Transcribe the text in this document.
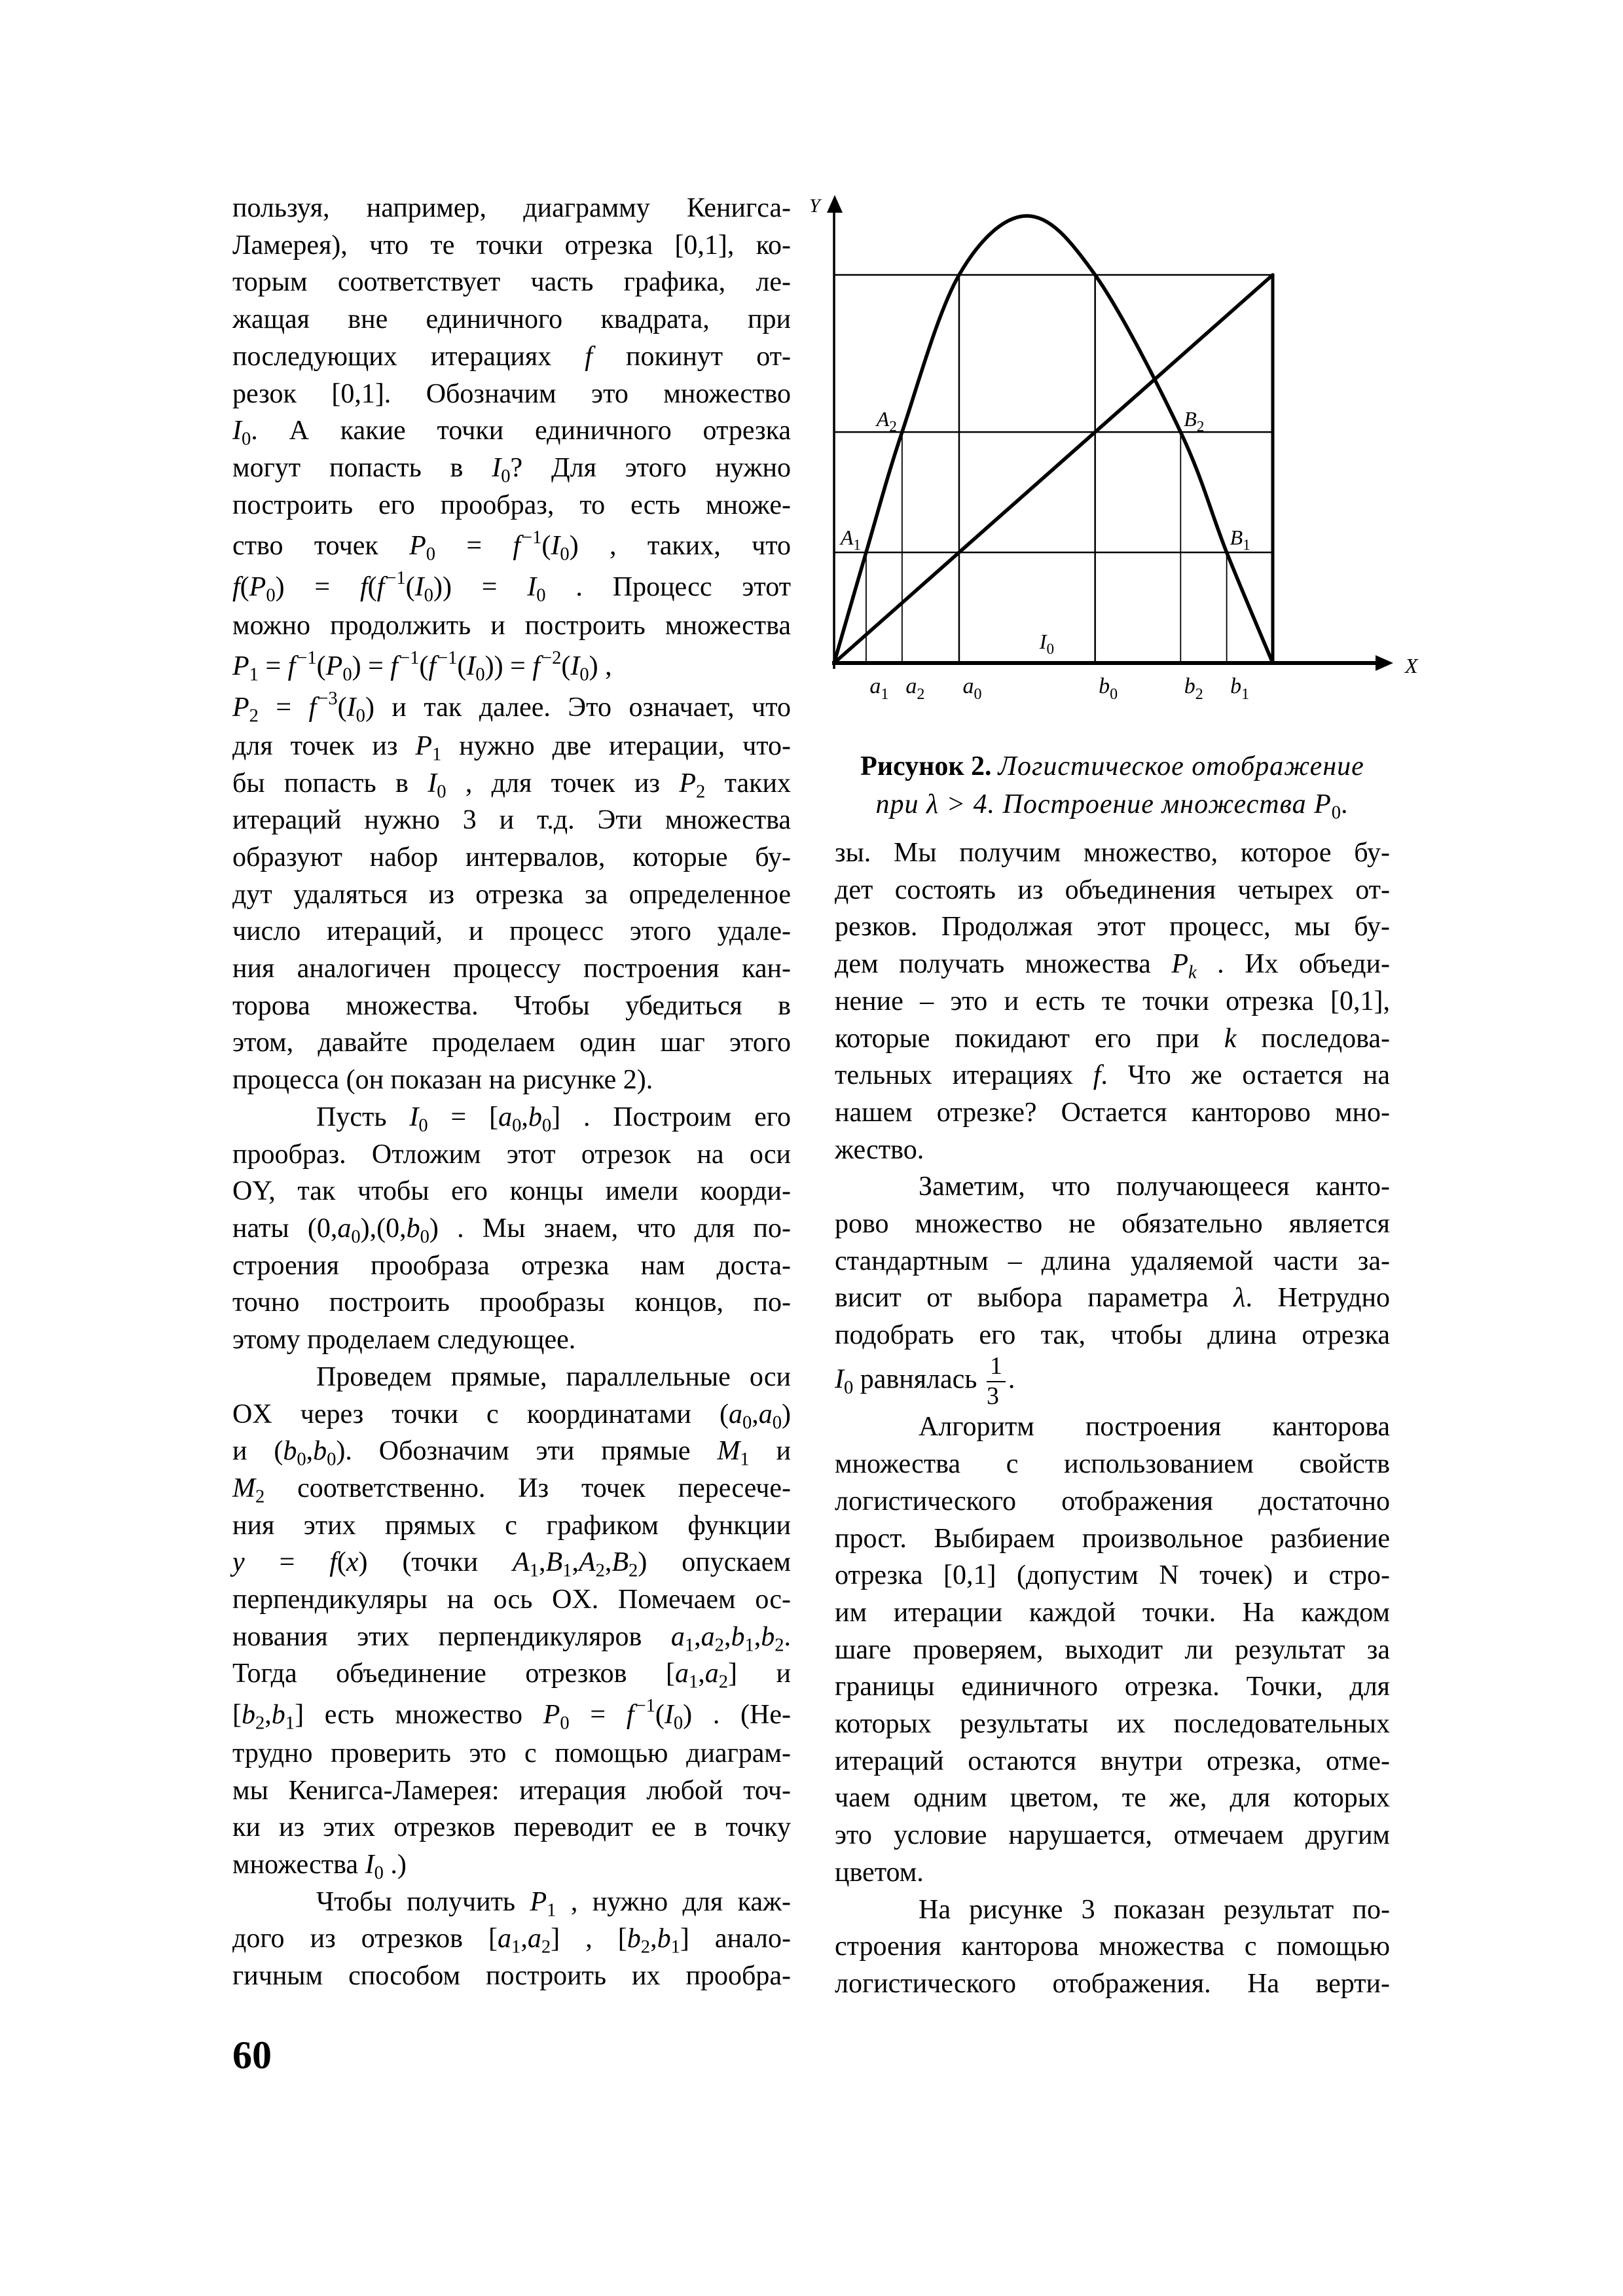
пользуя, например, диаграмму Кенигса-
Ламерея), что те точки отрезка [0,1], ко-
торым соответствует часть графика, ле-
жащая вне единичного квадрата, при
последующих итерациях f покинут от-
резок [0,1]. Обозначим это множество
$I_0$. А какие точки единичного отрезка
могут попасть в $I_0$? Для этого нужно
построить его прообраз, то есть множе-
ство точек $P_0 = f^{-1}(I_0)$ , таких, что
$f(P_0) = f(f^{-1}(I_0)) = I_0$ . Процесс этот
можно продолжить и построить множества
$P_1 = f^{-1}(P_0) = f^{-1}(f^{-1}(I_0)) = f^{-2}(I_0)$ ,
$P_2 = f^{-3}(I_0)$ и так далее. Это означает, что
для точек из $P_1$ нужно две итерации, что-
бы попасть в $I_0$ , для точек из $P_2$ таких
итераций нужно 3 и т.д. Эти множества
образуют набор интервалов, которые бу-
дут удаляться из отрезка за определенное
число итераций, и процесс этого удале-
ния аналогичен процессу построения кан-
торова множества. Чтобы убедиться в
этом, давайте проделаем один шаг этого
процесса (он показан на рисунке 2).
Пусть $I_0 = [a_0,b_0]$ . Построим его
прообраз. Отложим этот отрезок на оси
OY, так чтобы его концы имели коорди-
наты $(0,a_0),(0,b_0)$ . Мы знаем, что для по-
строения прообраза отрезка нам доста-
точно построить прообразы концов, по-
этому проделаем следующее.
Проведем прямые, параллельные оси
OX через точки с координатами $(a_0,a_0)$
и $(b_0,b_0)$. Обозначим эти прямые $M_1$ и
$M_2$ соответственно. Из точек пересече-
ния этих прямых с графиком функции
y = f(x) (точки $A_1,B_1,A_2,B_2$) опускаем
перпендикуляры на ось OX. Помечаем ос-
нования этих перпендикуляров $a_1,a_2,b_1,b_2$.
Тогда объединение отрезков $[a_1,a_2]$ и
$[b_2,b_1]$ есть множество $P_0 = f^{-1}(I_0)$ . (Не-
трудно проверить это с помощью диаграм-
мы Кенигса-Ламерея: итерация любой точ-
ки из этих отрезков переводит ее в точку
множества $I_0$ .)
Чтобы получить $P_1$ , нужно для каж-
дого из отрезков $[a_1,a_2]$ , $[b_2,b_1]$ анало-
гичным способом построить их прообра-
Y
X
$a_1$ $a_2$ $a_0$	$b_0$	$b_2$ $b_1$
$A_1$
$A_2$	$B_2$
$B_1$
$I_0$
Рисунок 2. Логистическое отображение
при λ > 4. Построение множества $P_0$.
зы. Мы получим множество, которое бу-
дет состоять из объединения четырех от-
резков. Продолжая этот процесс, мы бу-
дем получать множества $P_k$ . Их объеди-
нение – это и есть те точки отрезка [0,1],
которые покидают его при k последова-
тельных итерациях f. Что же остается на
нашем отрезке? Остается канторово мно-
жество.
Заметим, что получающееся канто-
рово множество не обязательно является
стандартным – длина удаляемой части за-
висит от выбора параметра λ. Нетрудно
подобрать его так, чтобы длина отрезка
$I_0$ равнялась $\frac{1}{3}$ .
Алгоритм построения канторова
множества с использованием свойств
логистического отображения достаточно
прост. Выбираем произвольное разбиение
отрезка [0,1] (допустим N точек) и стро-
им итерации каждой точки. На каждом
шаге проверяем, выходит ли результат за
границы единичного отрезка. Точки, для
которых результаты их последовательных
итераций остаются внутри отрезка, отме-
чаем одним цветом, те же, для которых
это условие нарушается, отмечаем другим
цветом.
На рисунке 3 показан результат по-
строения канторова множества с помощью
логистического отображения. На верти-
60
